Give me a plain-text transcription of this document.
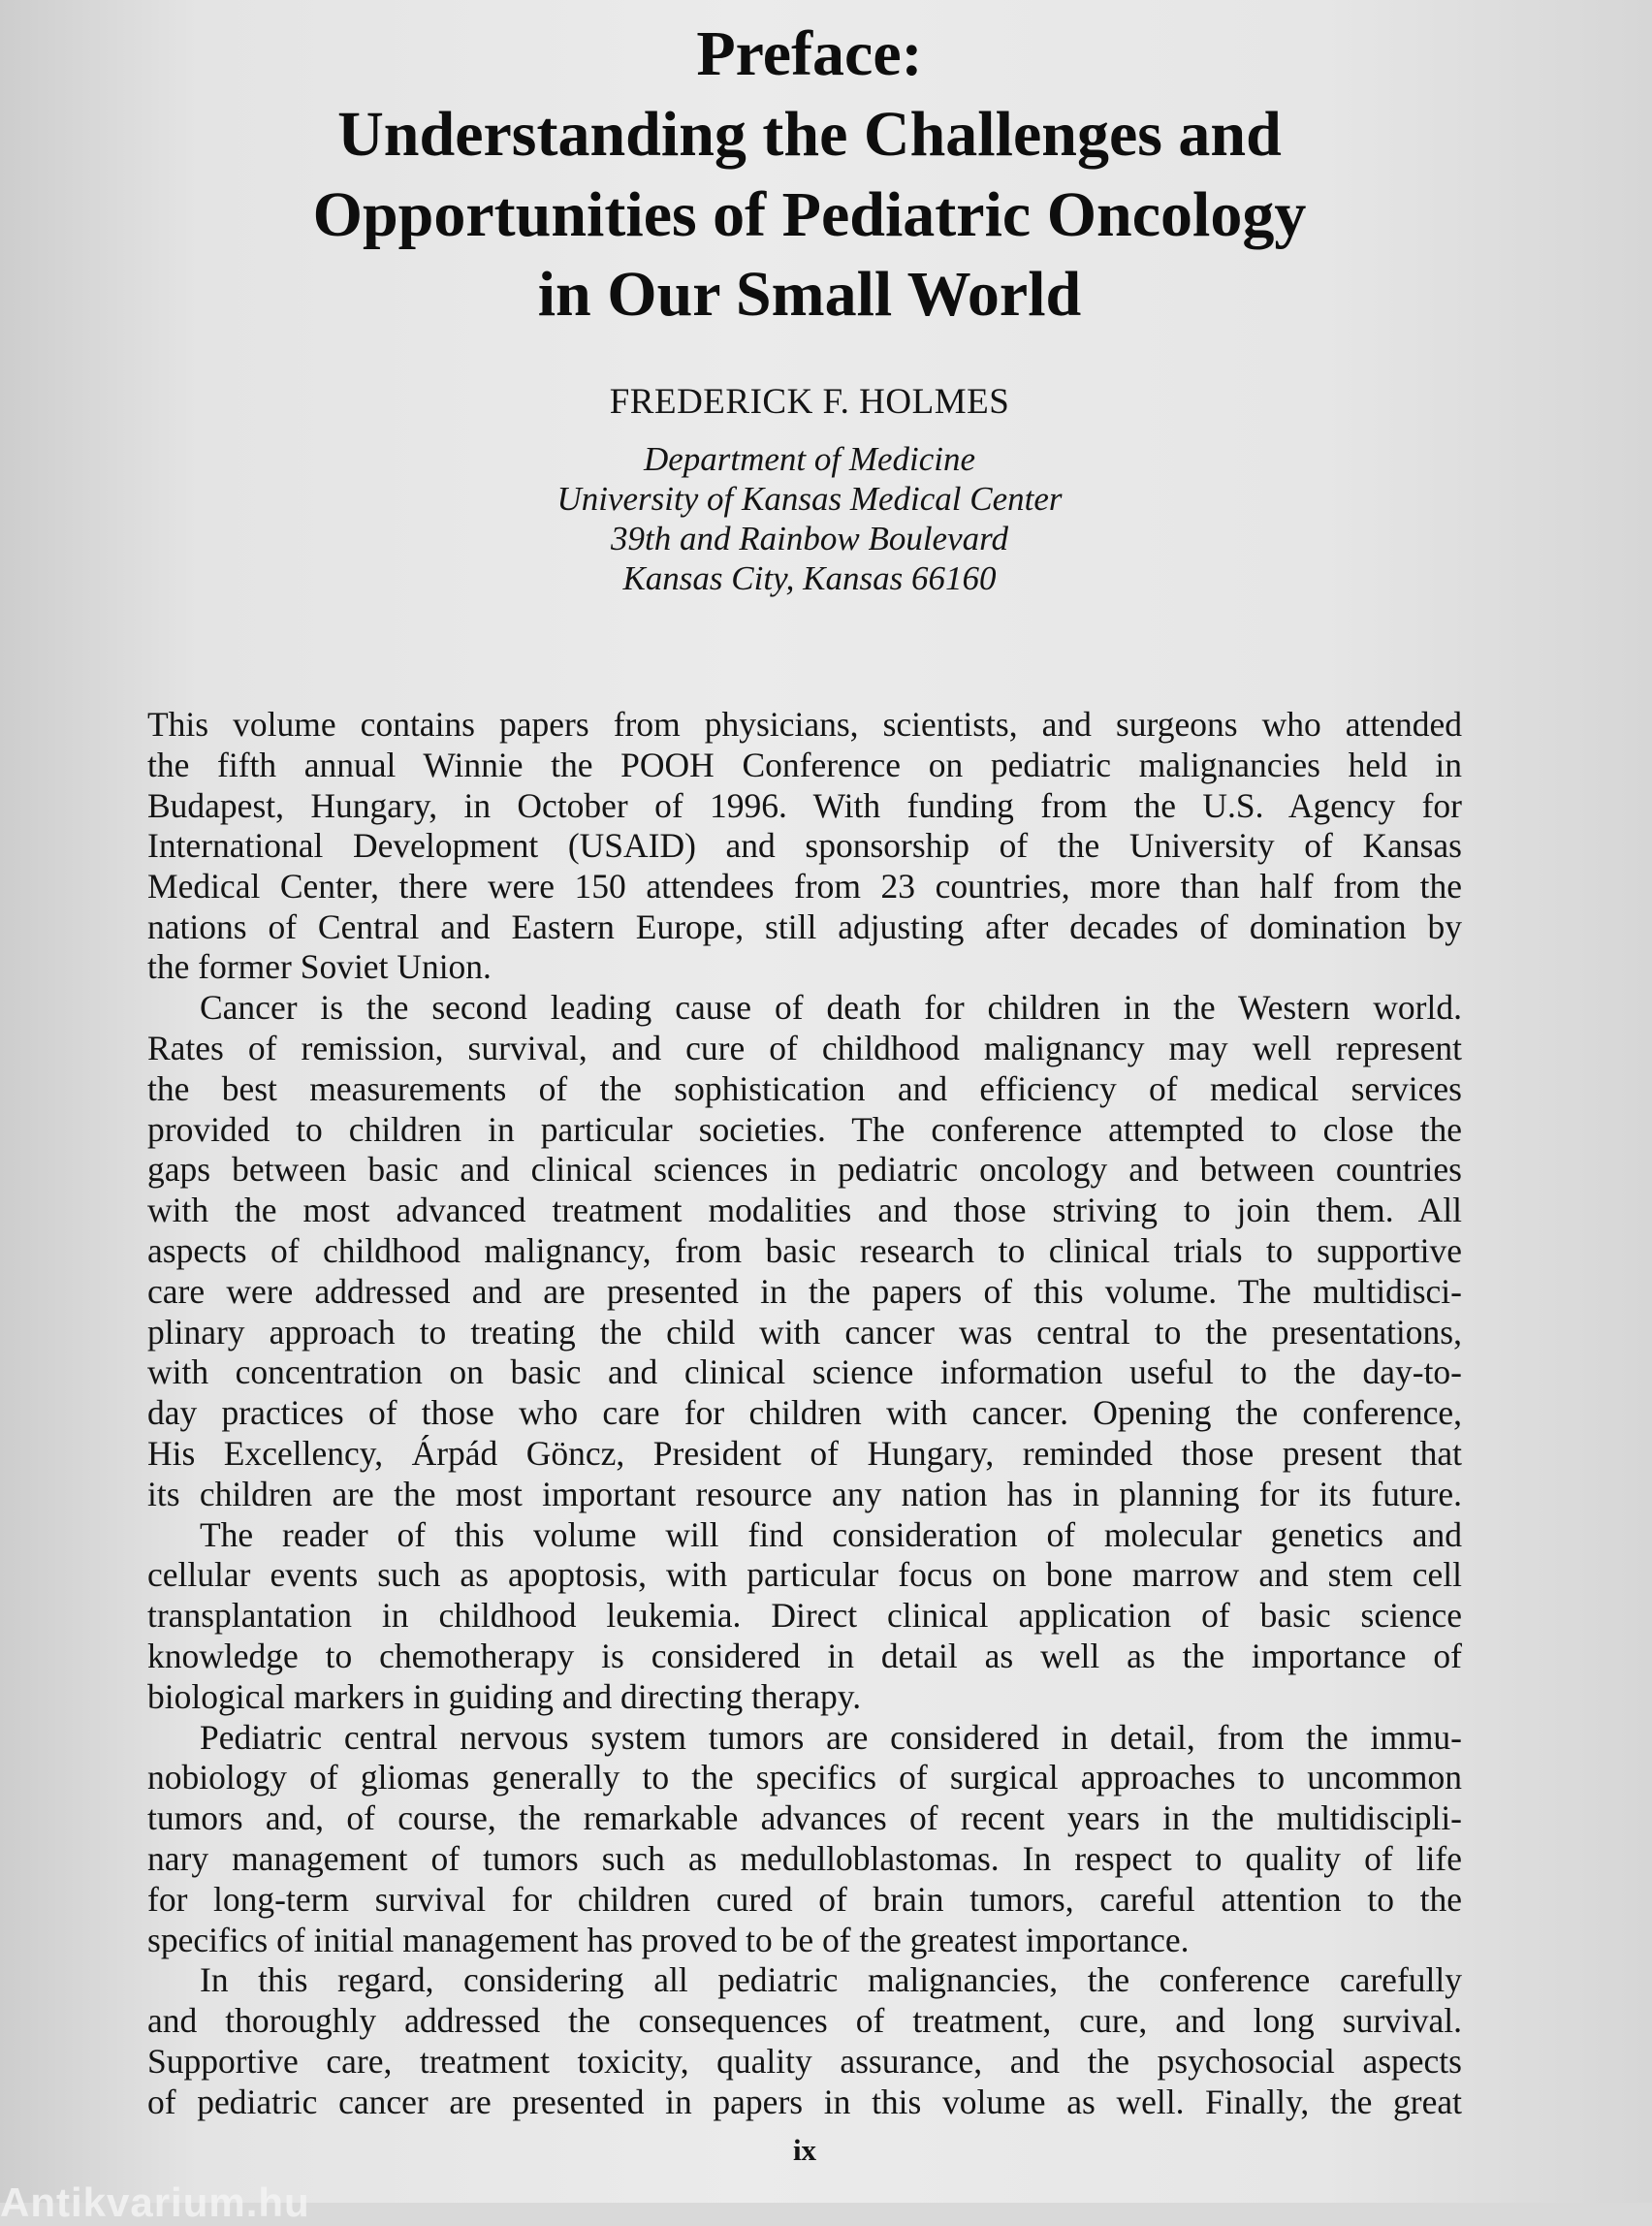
Preface:
Understanding the Challenges and
Opportunities of Pediatric Oncology
in Our Small World
FREDERICK F. HOLMES
Department of Medicine
University of Kansas Medical Center
39th and Rainbow Boulevard
Kansas City, Kansas 66160
This volume contains papers from physicians, scientists, and surgeons who attended
the fifth annual Winnie the POOH Conference on pediatric malignancies held in
Budapest, Hungary, in October of 1996. With funding from the U.S. Agency for
International Development (USAID) and sponsorship of the University of Kansas
Medical Center, there were 150 attendees from 23 countries, more than half from the
nations of Central and Eastern Europe, still adjusting after decades of domination by
the former Soviet Union.
Cancer is the second leading cause of death for children in the Western world.
Rates of remission, survival, and cure of childhood malignancy may well represent
the best measurements of the sophistication and efficiency of medical services
provided to children in particular societies. The conference attempted to close the
gaps between basic and clinical sciences in pediatric oncology and between countries
with the most advanced treatment modalities and those striving to join them. All
aspects of childhood malignancy, from basic research to clinical trials to supportive
care were addressed and are presented in the papers of this volume. The multidisci-
plinary approach to treating the child with cancer was central to the presentations,
with concentration on basic and clinical science information useful to the day-to-
day practices of those who care for children with cancer. Opening the conference,
His Excellency, Árpád Göncz, President of Hungary, reminded those present that
its children are the most important resource any nation has in planning for its future.
The reader of this volume will find consideration of molecular genetics and
cellular events such as apoptosis, with particular focus on bone marrow and stem cell
transplantation in childhood leukemia. Direct clinical application of basic science
knowledge to chemotherapy is considered in detail as well as the importance of
biological markers in guiding and directing therapy.
Pediatric central nervous system tumors are considered in detail, from the immu-
nobiology of gliomas generally to the specifics of surgical approaches to uncommon
tumors and, of course, the remarkable advances of recent years in the multidiscipli-
nary management of tumors such as medulloblastomas. In respect to quality of life
for long-term survival for children cured of brain tumors, careful attention to the
specifics of initial management has proved to be of the greatest importance.
In this regard, considering all pediatric malignancies, the conference carefully
and thoroughly addressed the consequences of treatment, cure, and long survival.
Supportive care, treatment toxicity, quality assurance, and the psychosocial aspects
of pediatric cancer are presented in papers in this volume as well. Finally, the great
ix
Antikvarium.hu
